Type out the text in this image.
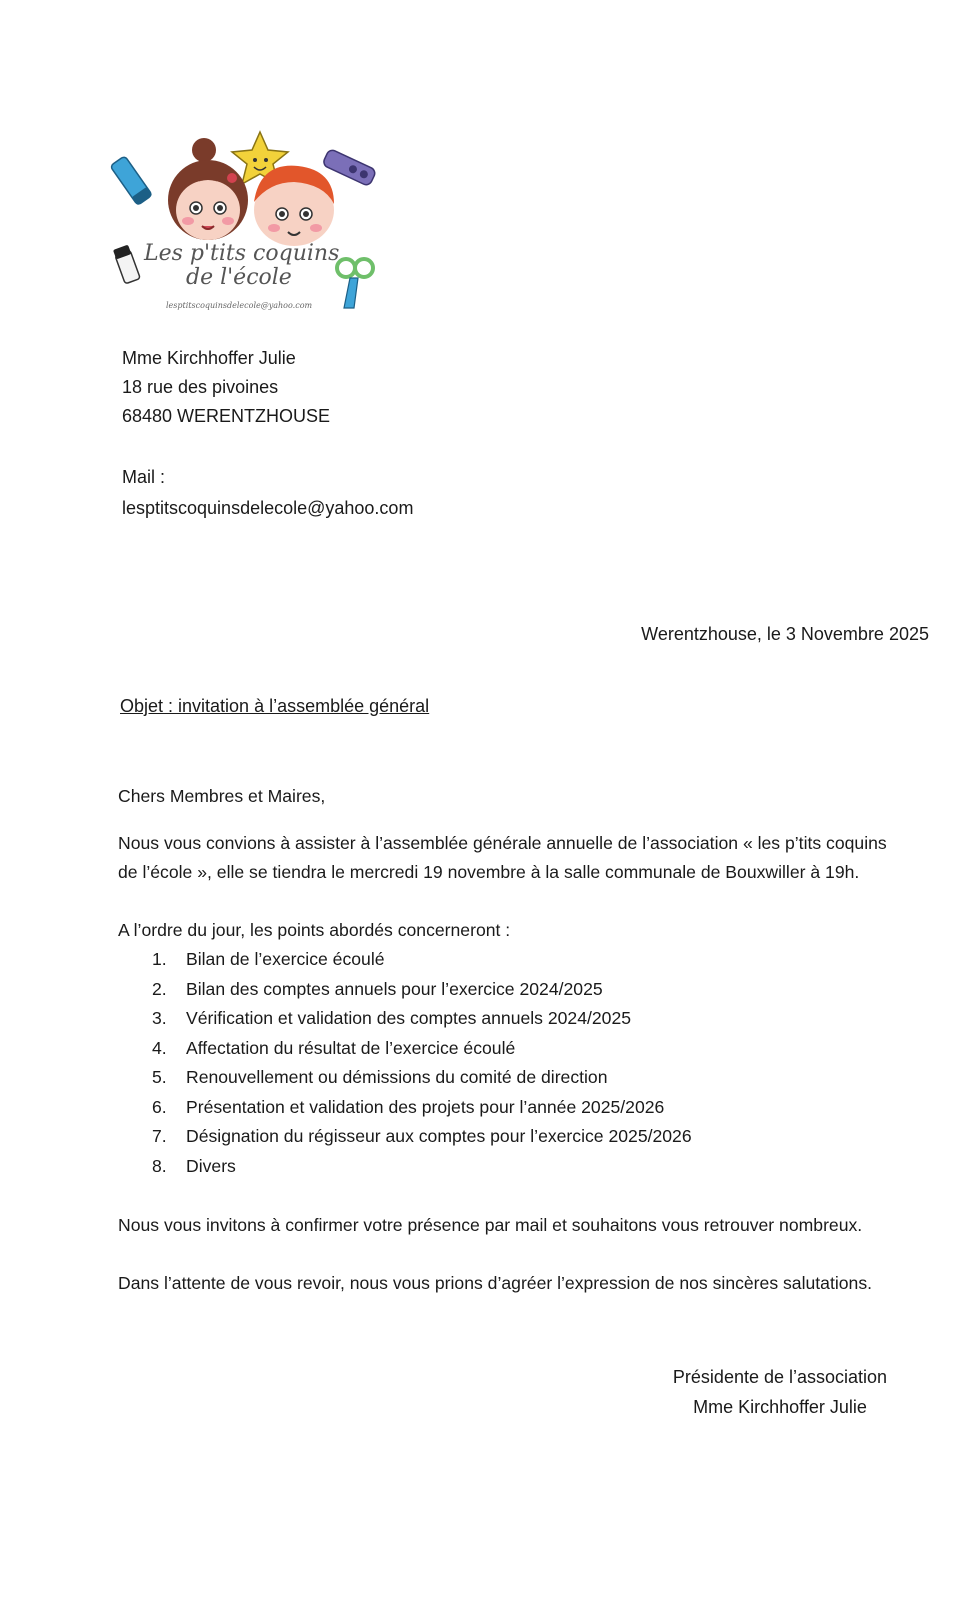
Les p'tits coquins
de l'école
lesptitscoquinsdelecole@yahoo.com
Mme Kirchhoffer Julie
18 rue des pivoines
68480 WERENTZHOUSE
Mail :
lesptitscoquinsdelecole@yahoo.com
Werentzhouse, le 3 Novembre 2025
Objet : invitation à l’assemblée général

Chers Membres et Maires,

Nous vous convions à assister à l’assemblée générale annuelle de l’association « les p’tits coquins
de l’école », elle se tiendra le mercredi 19 novembre à la salle communale de Bouxwiller à 19h.

A l’ordre du jour, les points abordés concerneront :

1.	Bilan de l’exercice écoulé
2.	Bilan des comptes annuels pour l’exercice 2024/2025
3.	Vérification et validation des comptes annuels 2024/2025
4.	Affectation du résultat de l’exercice écoulé
5.	Renouvellement ou démissions du comité de direction
6.	Présentation et validation des projets pour l’année 2025/2026
7.	Désignation du régisseur aux comptes pour l’exercice 2025/2026
8.	Divers

Nous vous invitons à confirmer votre présence par mail et souhaitons vous retrouver nombreux.

Dans l’attente de vous revoir, nous vous prions d’agréer l’expression de nos sincères salutations.

Présidente de l’association
Mme Kirchhoffer Julie
